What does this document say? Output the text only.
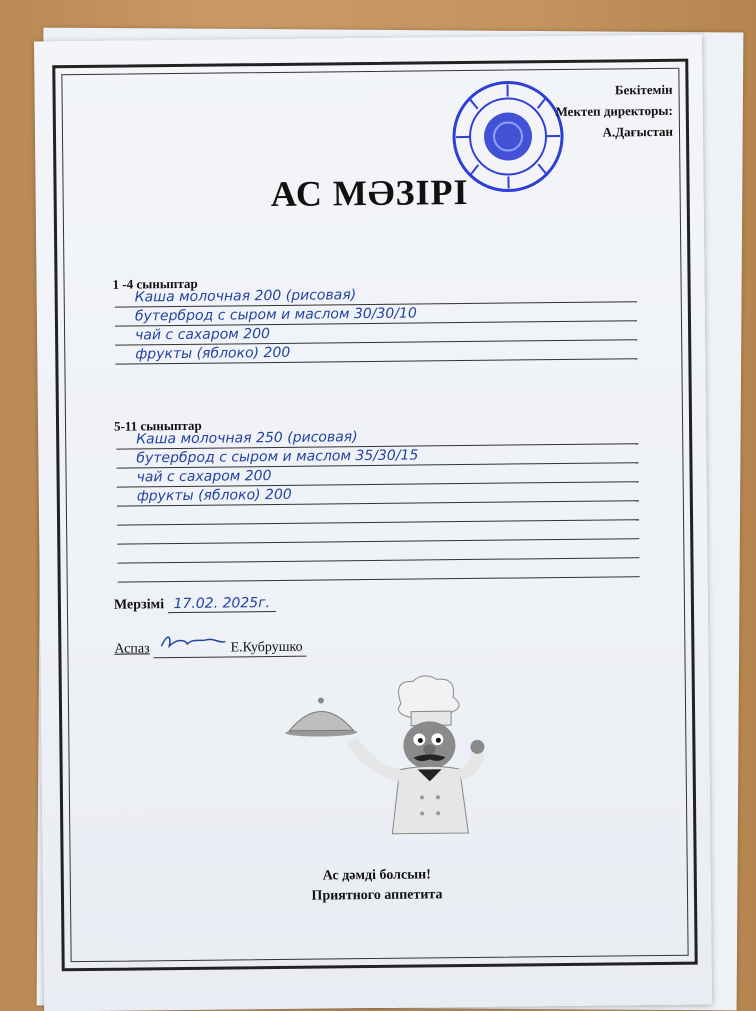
Бекітемін
Мектеп директоры:
А.Дағыстан
АС МӘЗІРІ
1 -4 сыныптар
Каша молочная 200 (рисовая)
бутерброд с сыром и маслом 30/30/10
чай с сахаром 200
фрукты (яблоко) 200
5-11 сыныптар
Каша молочная 250 (рисовая)
бутерброд с сыром и маслом 35/30/15
чай с сахаром 200
фрукты (яблоко) 200
Мерзімі 17.02. 2025г.
Аспаз	Е.Кубрушко
Ас дәмді болсын!
Приятного аппетита
